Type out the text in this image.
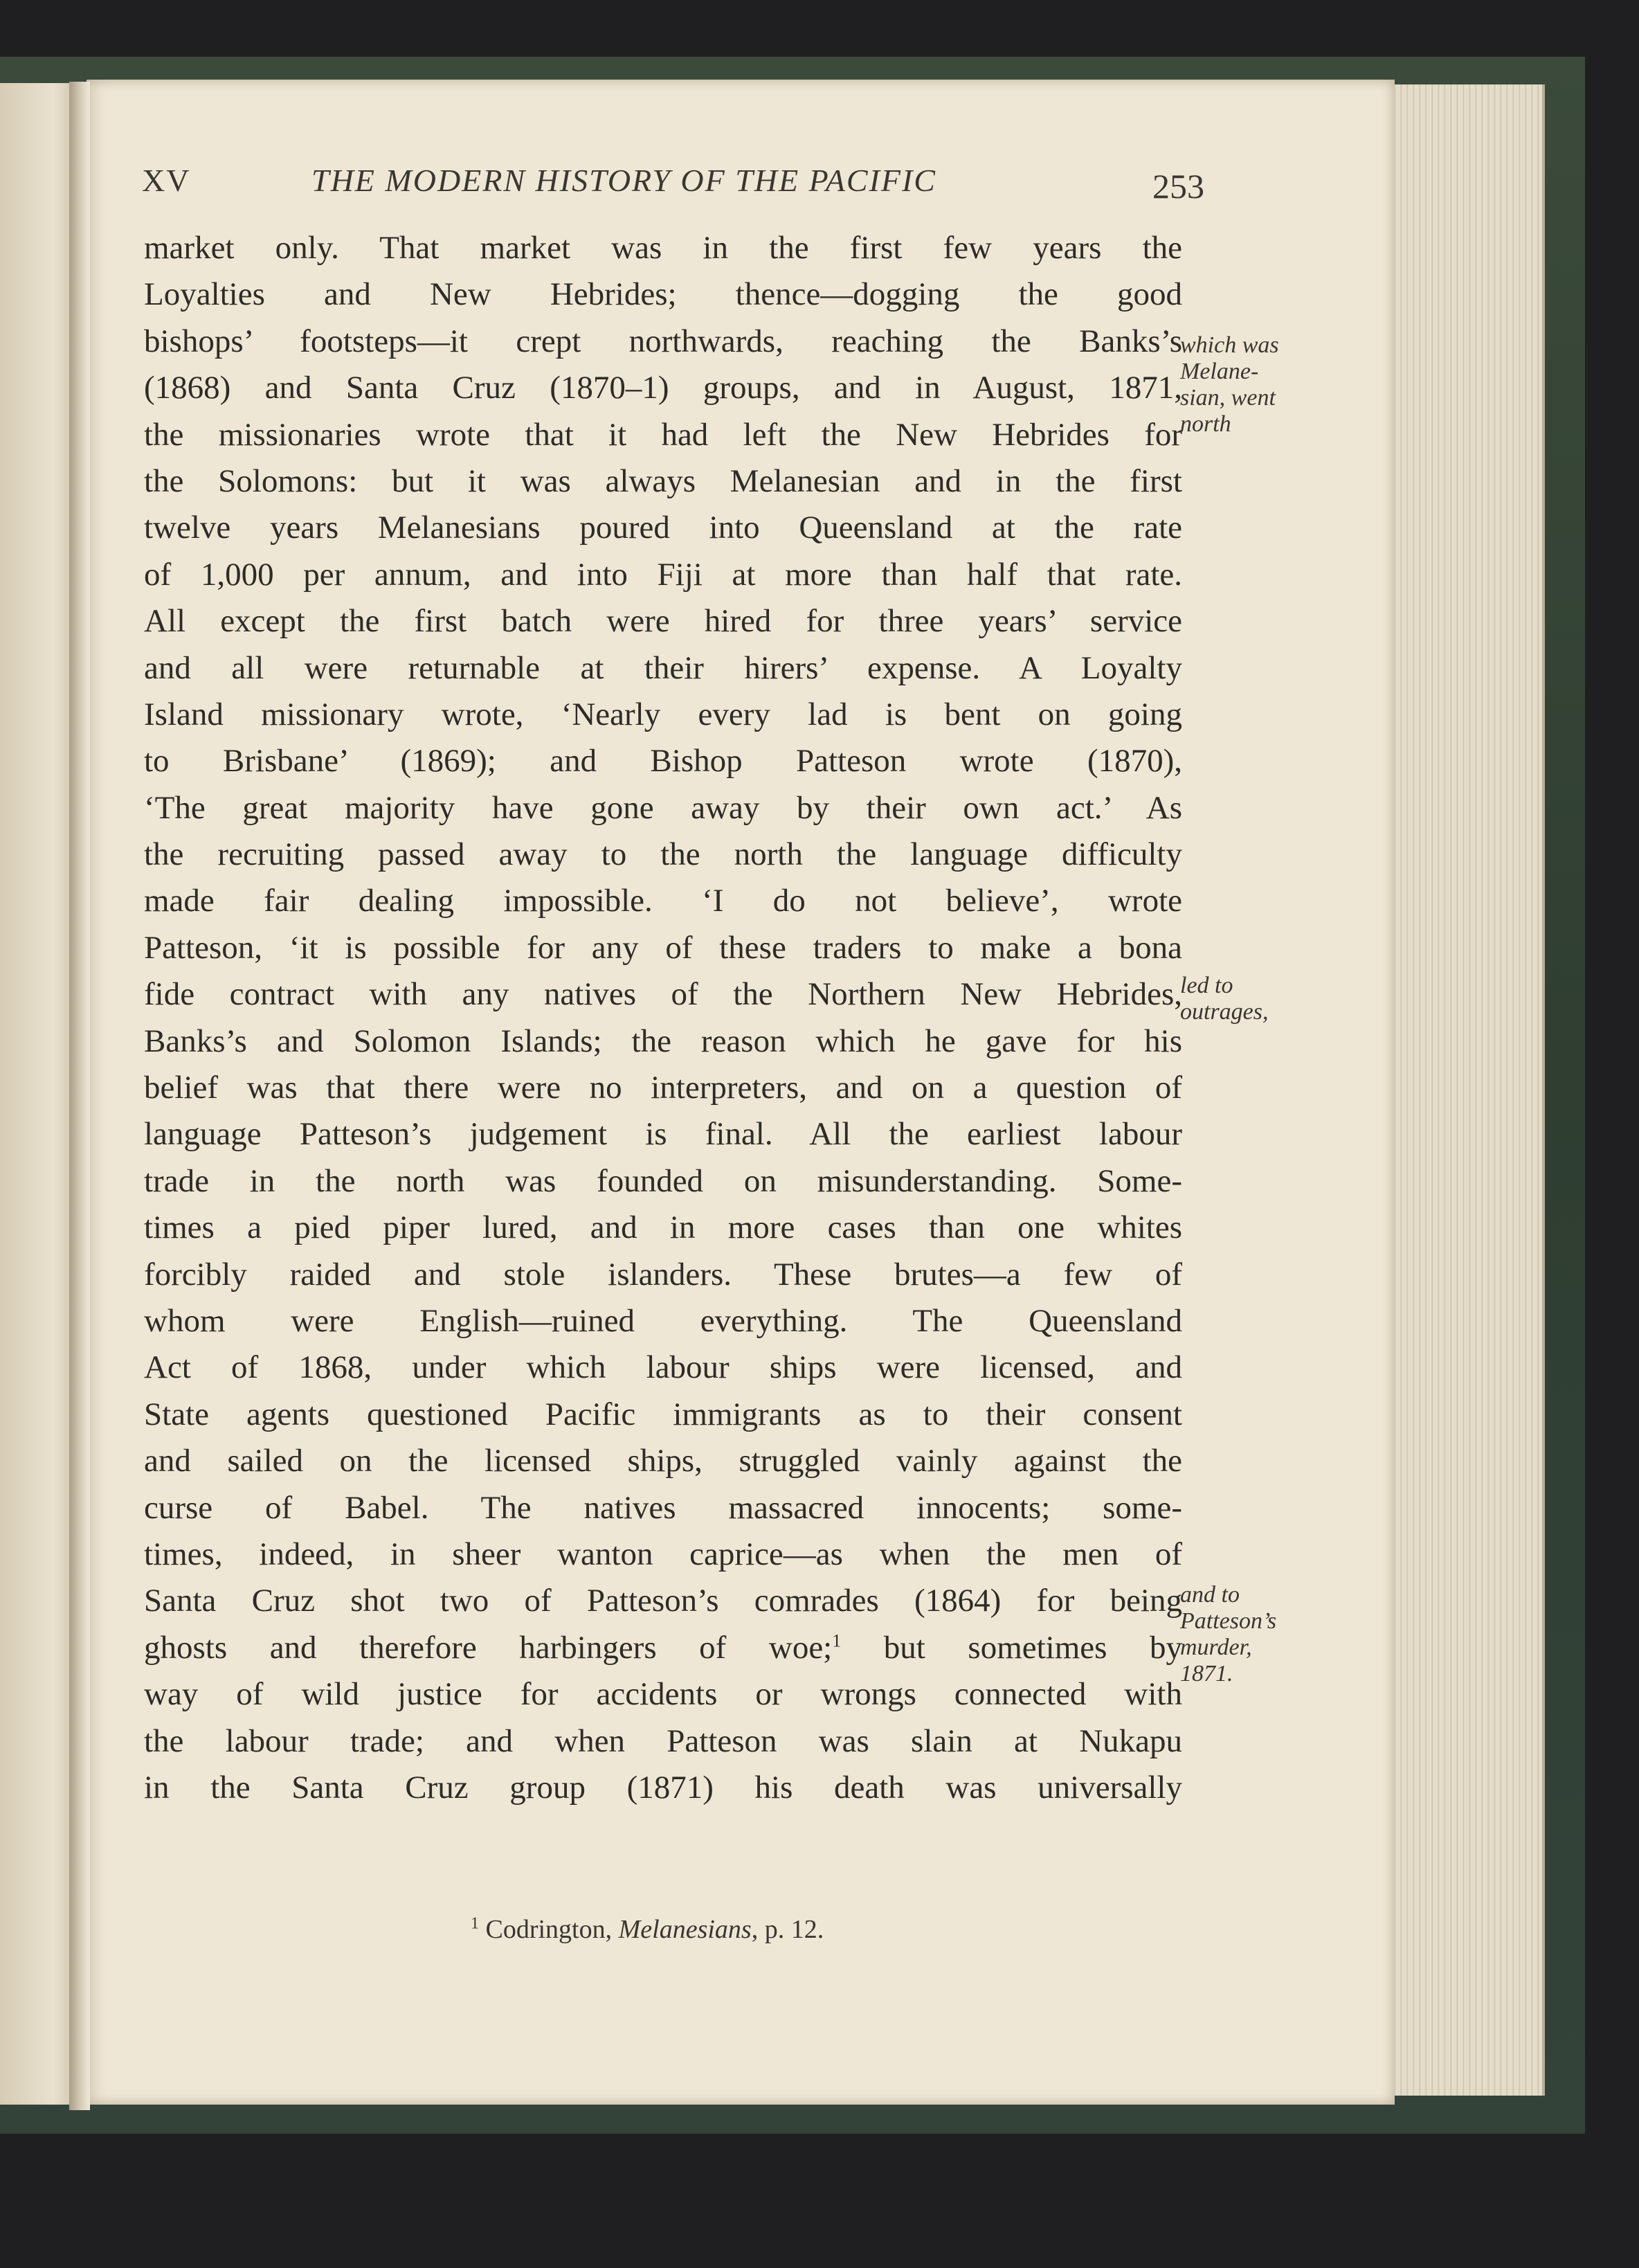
XV	THE MODERN HISTORY OF THE PACIFIC	253
market only. That market was in the first few years the
Loyalties and New Hebrides; thence—dogging the good
bishops’ footsteps—it crept northwards, reaching the Banks’s
(1868) and Santa Cruz (1870–1) groups, and in August, 1871,
the missionaries wrote that it had left the New Hebrides for
the Solomons: but it was always Melanesian and in the first
twelve years Melanesians poured into Queensland at the rate
of 1,000 per annum, and into Fiji at more than half that rate.
All except the first batch were hired for three years’ service
and all were returnable at their hirers’ expense. A Loyalty
Island missionary wrote, ‘Nearly every lad is bent on going
to Brisbane’ (1869); and Bishop Patteson wrote (1870),
‘The great majority have gone away by their own act.’ As
the recruiting passed away to the north the language difficulty
made fair dealing impossible. ‘I do not believe’, wrote
Patteson, ‘it is possible for any of these traders to make a bona
fide contract with any natives of the Northern New Hebrides,
Banks’s and Solomon Islands; the reason which he gave for his
belief was that there were no interpreters, and on a question of
language Patteson’s judgement is final. All the earliest labour
trade in the north was founded on misunderstanding. Some-
times a pied piper lured, and in more cases than one whites
forcibly raided and stole islanders. These brutes—a few of
whom were English—ruined everything. The Queensland
Act of 1868, under which labour ships were licensed, and
State agents questioned Pacific immigrants as to their consent
and sailed on the licensed ships, struggled vainly against the
curse of Babel. The natives massacred innocents; some-
times, indeed, in sheer wanton caprice—as when the men of
Santa Cruz shot two of Patteson’s comrades (1864) for being
ghosts and therefore harbingers of woe;$^1$ but sometimes by
way of wild justice for accidents or wrongs connected with
the labour trade; and when Patteson was slain at Nukapu
in the Santa Cruz group (1871) his death was universally
which was
Melane-
sian, went
north
led to
outrages,
and to
Patteson’s
murder,
1871.
$^1$ Codrington, Melanesians, p. 12.
